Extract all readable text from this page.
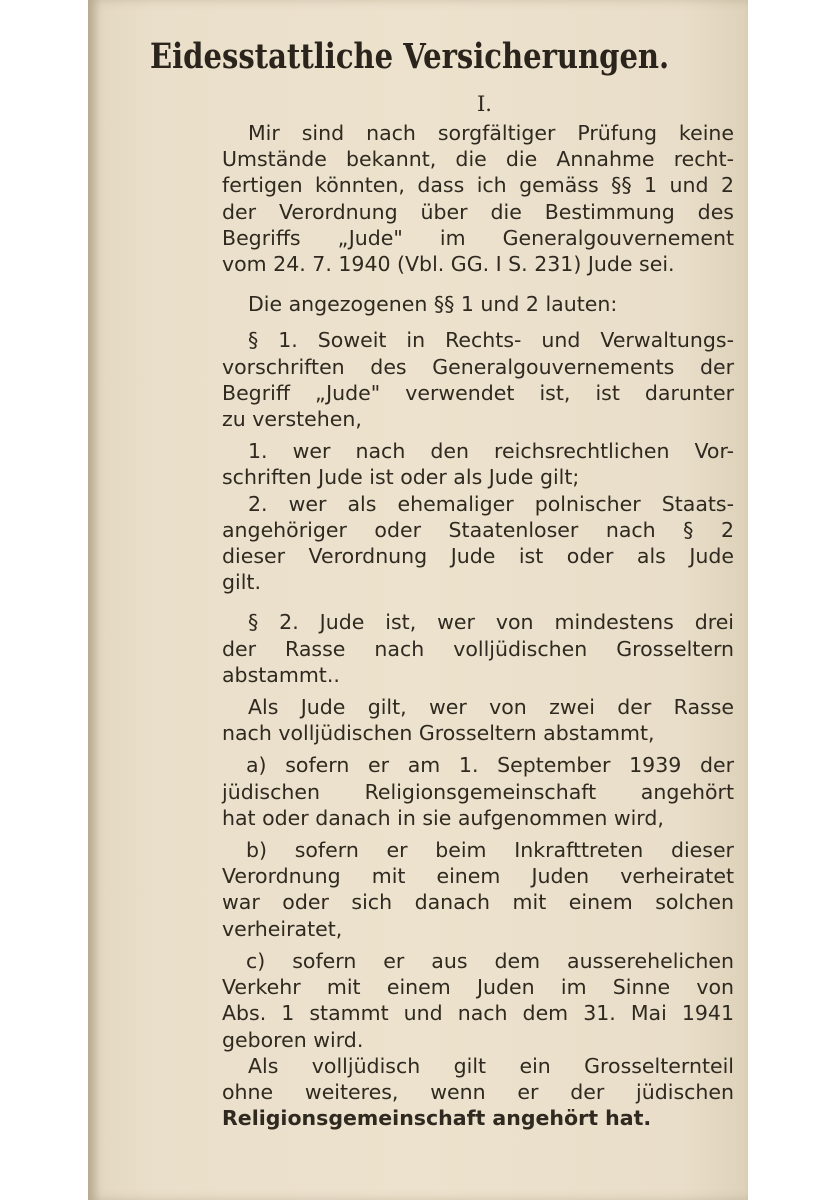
Eidesstattliche Versicherungen.
I.
Mir sind nach sorgfältiger Prüfung keine
Umstände bekannt, die die Annahme recht-
fertigen könnten, dass ich gemäss §§ 1 und 2
der Verordnung über die Bestimmung des
Begriffs „Jude" im Generalgouvernement
vom 24. 7. 1940 (Vbl. GG. I S. 231) Jude sei.
Die angezogenen §§ 1 und 2 lauten:
§ 1. Soweit in Rechts- und Verwaltungs-
vorschriften des Generalgouvernements der
Begriff „Jude" verwendet ist, ist darunter
zu verstehen,
1. wer nach den reichsrechtlichen Vor-
schriften Jude ist oder als Jude gilt;
2. wer als ehemaliger polnischer Staats-
angehöriger oder Staatenloser nach § 2
dieser Verordnung Jude ist oder als Jude
gilt.
§ 2. Jude ist, wer von mindestens drei
der Rasse nach volljüdischen Grosseltern
abstammt..
Als Jude gilt, wer von zwei der Rasse
nach volljüdischen Grosseltern abstammt,
a) sofern er am 1. September 1939 der
jüdischen Religionsgemeinschaft angehört
hat oder danach in sie aufgenommen wird,
b) sofern er beim Inkrafttreten dieser
Verordnung mit einem Juden verheiratet
war oder sich danach mit einem solchen
verheiratet,
c) sofern er aus dem ausserehelichen
Verkehr mit einem Juden im Sinne von
Abs. 1 stammt und nach dem 31. Mai 1941
geboren wird.
Als volljüdisch gilt ein Grosselternteil
ohne weiteres, wenn er der jüdischen
Religionsgemeinschaft angehört hat.
